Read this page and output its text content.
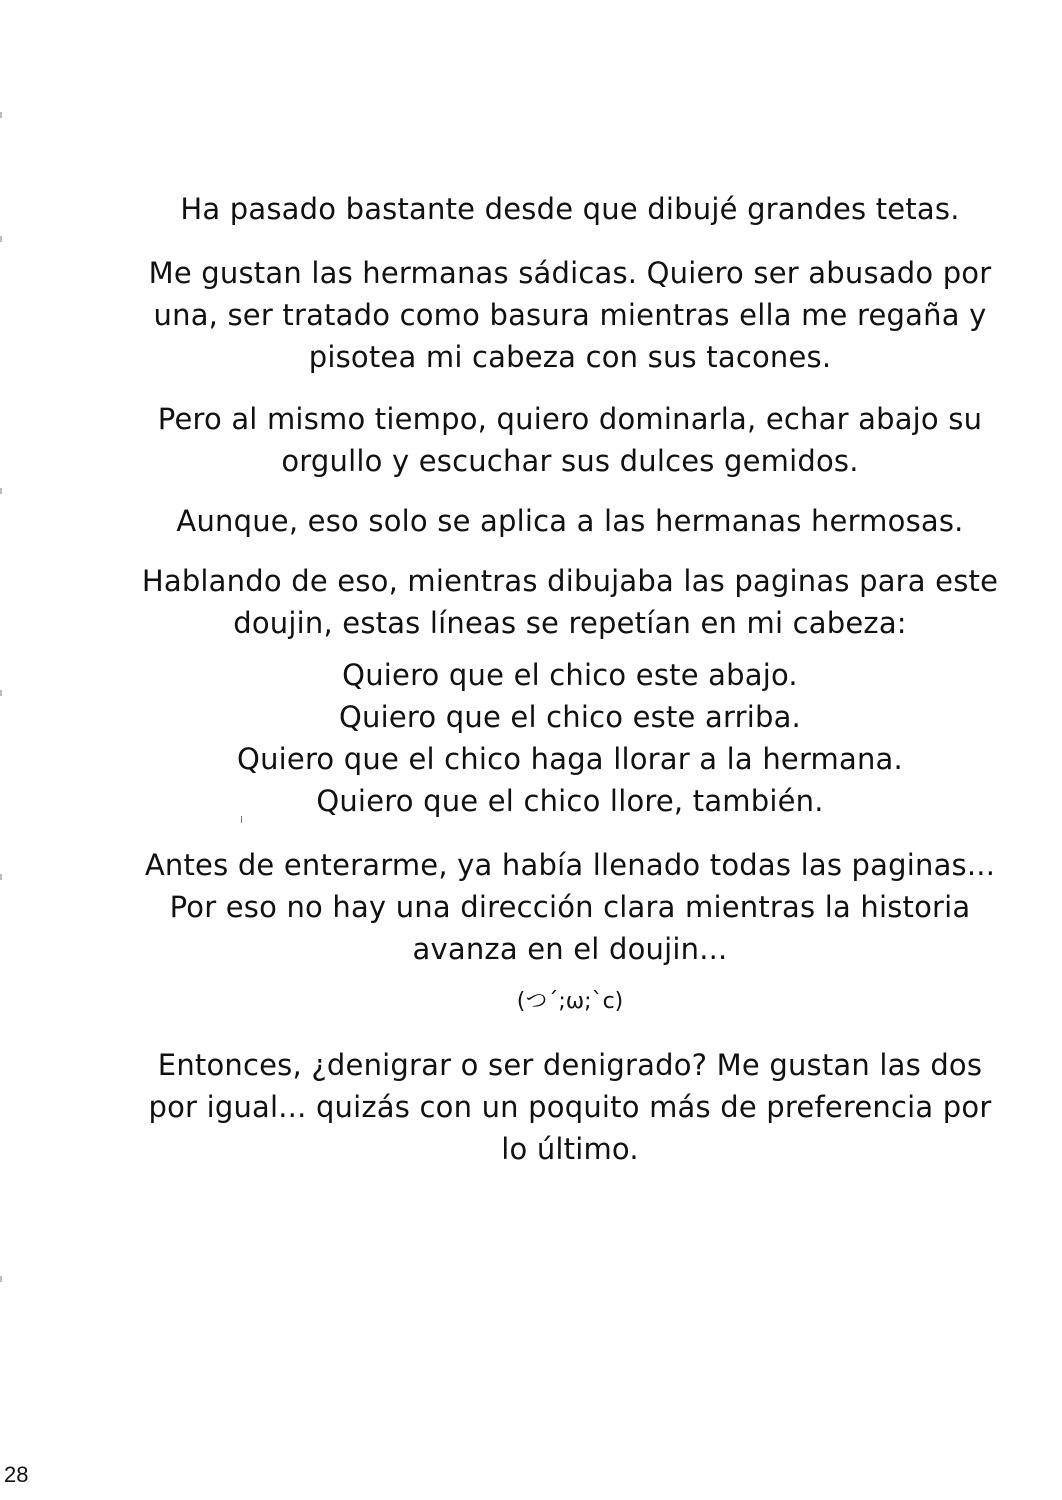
Ha pasado bastante desde que dibujé grandes tetas.
Me gustan las hermanas sádicas. Quiero ser abusado por
una, ser tratado como basura mientras ella me regaña y
pisotea mi cabeza con sus tacones.
Pero al mismo tiempo, quiero dominarla, echar abajo su
orgullo y escuchar sus dulces gemidos.
Aunque, eso solo se aplica a las hermanas hermosas.
Hablando de eso, mientras dibujaba las paginas para este
doujin, estas líneas se repetían en mi cabeza:
Quiero que el chico este abajo.
Quiero que el chico este arriba.
Quiero que el chico haga llorar a la hermana.
Quiero que el chico llore, también.
Antes de enterarme, ya había llenado todas las paginas...
Por eso no hay una dirección clara mientras la historia
avanza en el doujin...
(つ´;ω;`c)
Entonces, ¿denigrar o ser denigrado? Me gustan las dos
por igual... quizás con un poquito más de preferencia por
lo último.
28
